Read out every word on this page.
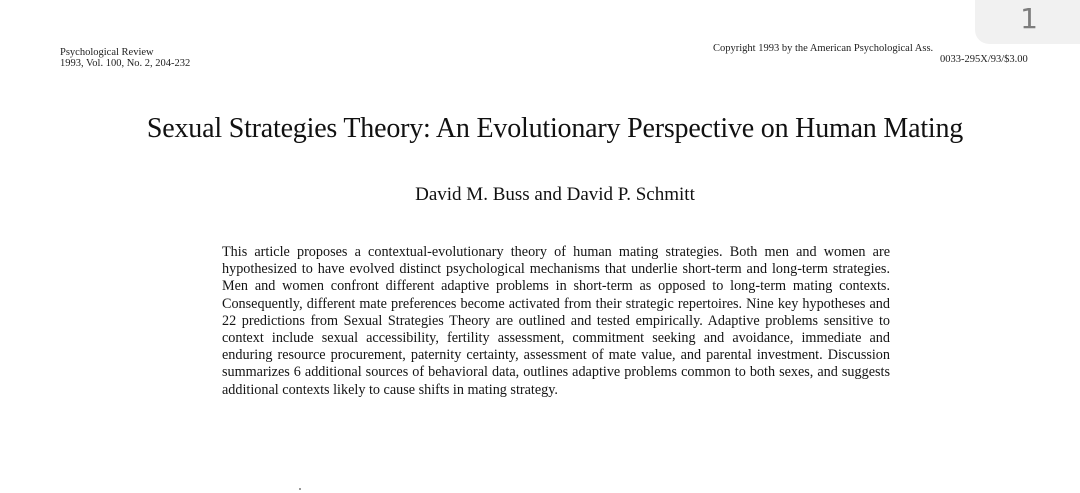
1
Psychological Review
1993, Vol. 100, No. 2, 204-232
Copyright 1993 by the American Psychological Ass.
0033-295X/93/$3.00
Sexual Strategies Theory: An Evolutionary Perspective on Human Mating
David M. Buss and David P. Schmitt
This article proposes a contextual-evolutionary theory of human mating strategies. Both men and women are hypothesized to have evolved distinct psychological mechanisms that underlie short-term and long-term strategies. Men and women confront different adaptive problems in short-term as opposed to long-term mating contexts. Consequently, different mate preferences become activated from their strategic repertoires. Nine key hypotheses and 22 predictions from Sexual Strategies Theory are outlined and tested empirically. Adaptive problems sensitive to context include sexual accessibility, fertility assessment, commitment seeking and avoidance, immediate and enduring resource procurement, paternity certainty, assessment of mate value, and parental investment. Discussion summarizes 6 additional sources of behavioral data, outlines adaptive problems common to both sexes, and suggests additional contexts likely to cause shifts in mating strategy.
